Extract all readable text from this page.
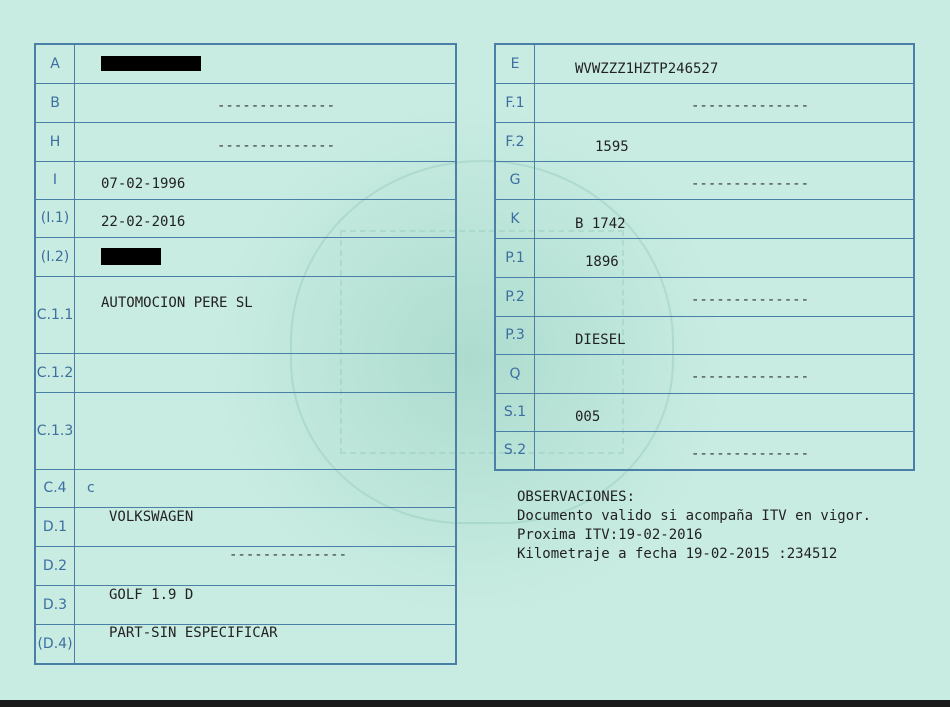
A	

B	--------------

H	--------------

I	07-02-1996

(I.1)	22-02-2016

(I.2)	

C.1.1	AUTOMOCION PERE SL

C.1.2	
C.1.3	
C.4	c

D.1	VOLKSWAGEN

D.2	--------------

D.3	GOLF 1.9 D

(D.4)	PART-SIN ESPECIFICAR
E	WVWZZZ1HZTP246527

F.1	--------------

F.2	1595

G	--------------

K	B 1742

P.1	1896

P.2	--------------

P.3	DIESEL

Q	--------------

S.1	005

S.2	--------------
OBSERVACIONES:
Documento valido si acompaña ITV en vigor.
Proxima ITV:19-02-2016
Kilometraje a fecha 19-02-2015 :234512
